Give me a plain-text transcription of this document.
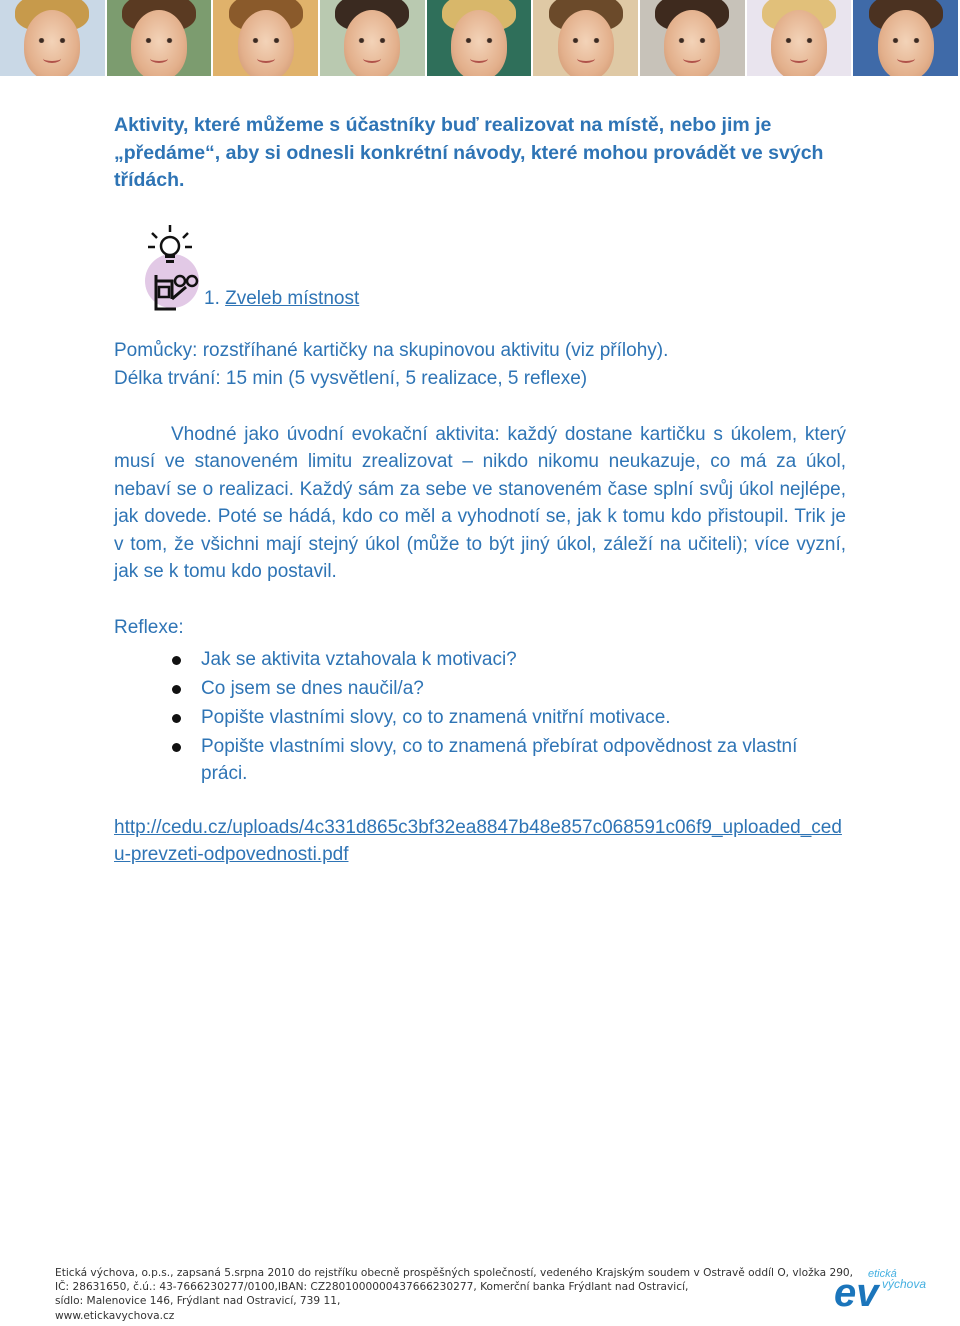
Aktivity, které můžeme s účastníky buď realizovat na místě, nebo jim je „předáme“, aby si odnesli konkrétní návody, které mohou provádět ve svých třídách.

1. Zveleb místnost

Pomůcky: rozstříhané kartičky na skupinovou aktivitu (viz přílohy).
Délka trvání: 15 min (5 vysvětlení, 5 realizace, 5 reflexe)

Vhodné jako úvodní evokační aktivita: každý dostane kartičku s úkolem, který musí ve stanoveném limitu zrealizovat – nikdo nikomu neukazuje, co má za úkol, nebaví se o realizaci. Každý sám za sebe ve stanoveném čase splní svůj úkol nejlépe, jak dovede. Poté se hádá, kdo co měl a vyhodnotí se, jak k tomu kdo přistoupil. Trik je v tom, že všichni mají stejný úkol (může to být jiný úkol, záleží na učiteli); více vyzní, jak se k tomu kdo postavil.

Reflexe:
Jak se aktivita vztahovala k motivaci?
Co jsem se dnes naučil/a?
Popište vlastními slovy, co to znamená vnitřní motivace.
Popište vlastními slovy, co to znamená přebírat odpovědnost za vlastní práci.
http://cedu.cz/uploads/4c331d865c3bf32ea8847b48e857c068591c06f9_uploaded_cedu-prevzeti-odpovednosti.pdf
Etická výchova, o.p.s., zapsaná 5.srpna 2010 do rejstříku obecně prospěšných společností, vedeného Krajským soudem v Ostravě oddíl O, vložka 290,
IČ: 28631650, č.ú.: 43-7666230277/0100,IBAN: CZ2801000000437666230277, Komerční banka Frýdlant nad Ostravicí,
sídlo: Malenovice 146, Frýdlant nad Ostravicí, 739 11,
www.etickavychova.cz
ev
etická
výchova
